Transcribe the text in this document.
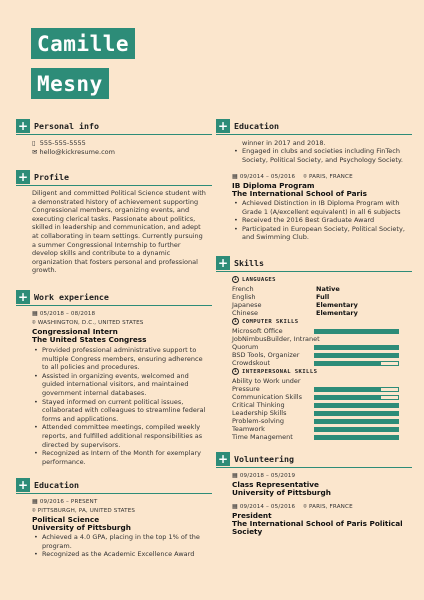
Camille
Mesny
+ Personal info
▯ 555-555-5555
✉ hello@kickresume.com
+ Profile
Diligent and committed Political Science student with
a demonstrated history of achievement supporting
Congressional members, organizing events, and
executing clerical tasks. Passionate about politics,
skilled in leadership and communication, and adept
at collaborating in team settings. Currently pursuing
a summer Congressional Internship to further
develop skills and contribute to a dynamic
organization that fosters personal and professional
growth.
+ Work experience
▦ 05/2018 – 08/2018
⌾ WASHINGTON, D.C., UNITED STATES
Congressional Intern
The United States Congress
• Provided professional administrative support to
multiple Congress members, ensuring adherence
to all policies and procedures.
• Assisted in organizing events, welcomed and
guided international visitors, and maintained
government internal databases.
• Stayed informed on current political issues,
collaborated with colleagues to streamline federal
forms and applications.
• Attended committee meetings, compiled weekly
reports, and fulfilled additional responsibilities as
directed by supervisors.
• Recognized as Intern of the Month for exemplary
performance.
+ Education
▦ 09/2016 – PRESENT
⌾ PITTSBURGH, PA, UNITED STATES
Political Science
University of Pittsburgh
• Achieved a 4.0 GPA, placing in the top 1% of the
program.
• Recognized as the Academic Excellence Award
+ Education
winner in 2017 and 2018.
• Engaged in clubs and societies including FinTech
Society, Political Society, and Psychology Society.
▦ 09/2014 – 05/2016 ⌾ PARIS, FRANCE
IB Diploma Program
The International School of Paris
• Achieved Distinction in IB Diploma Program with
Grade 1 (A/excellent equivalent) in all 6 subjects
• Received the 2016 Best Graduate Award
• Participated in European Society, Political Society,
and Swimming Club.
+ Skills
i LANGUAGES
French	Native
English	Full
Japanese	Elementary
Chinese	Elementary
i COMPUTER SKILLS
Microsoft Office
JobNimbusBuilder, Intranet
Quorum
BSD Tools, Organizer
Crowdskout
i INTERPERSONAL SKILLS
Ability to Work under
Pressure
Communication Skills
Critical Thinking
Leadership Skills
Problem-solving
Teamwork
Time Management
+ Volunteering
▦ 09/2018 – 05/2019
Class Representative
University of Pittsburgh
▦ 09/2014 – 05/2016 ⌾ PARIS, FRANCE
President
The International School of Paris Political
Society
